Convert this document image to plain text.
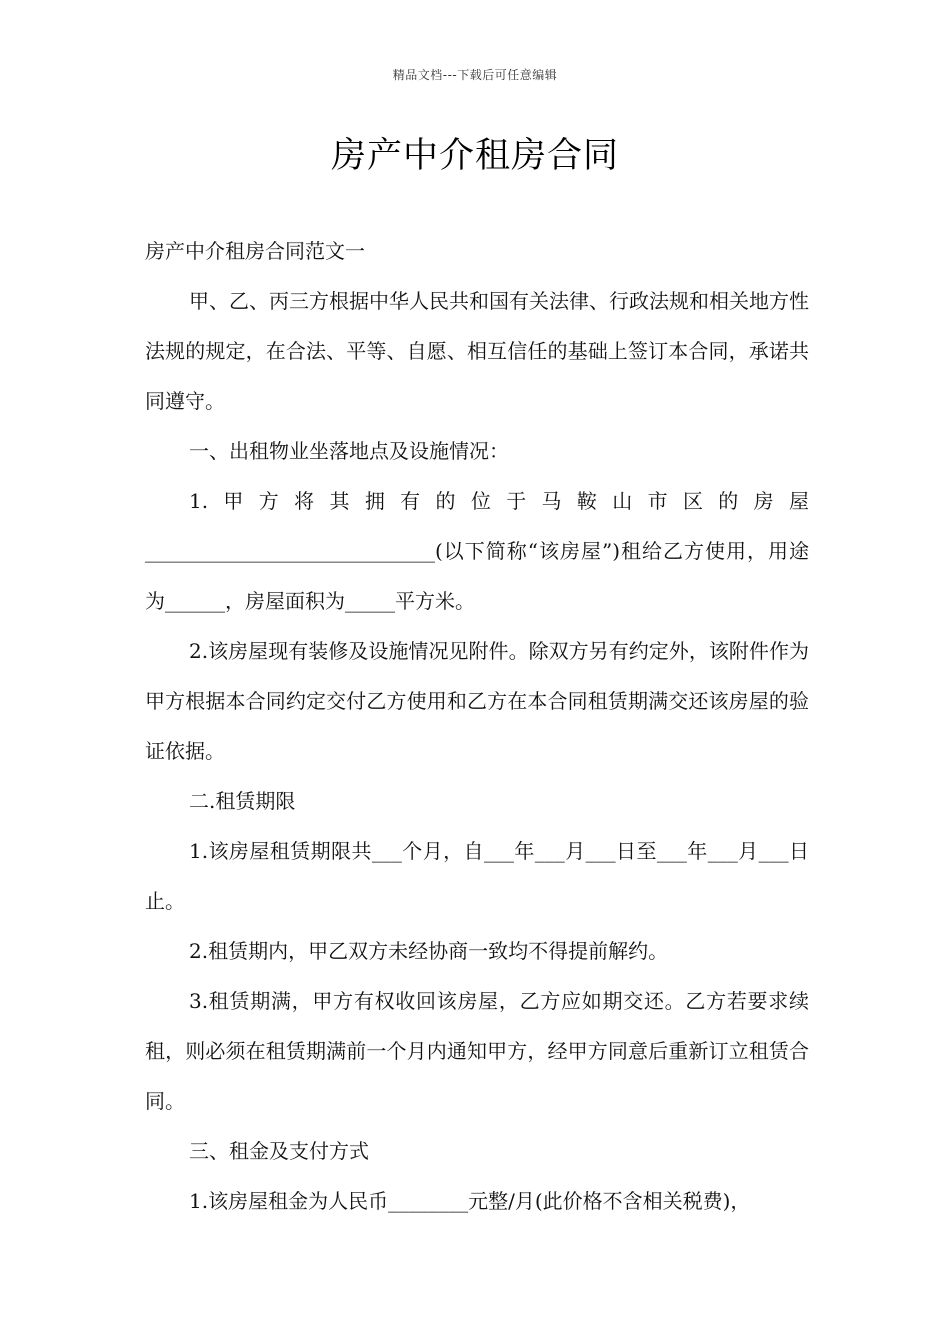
精品文档---下载后可任意编辑
房产中介租房合同

房产中介租房合同范文一

甲、乙、丙三方根据中华人民共和国有关法律、行政法规和相关地方性法规的规定，在合法、平等、自愿、相互信任的基础上签订本合同，承诺共同遵守。

一、出租物业坐落地点及设施情况：

1.甲方将其拥有的位于马鞍山市区的房屋_____________________________(以下简称“该房屋”)租给乙方使用，用途为______，房屋面积为_____平方米。

2.该房屋现有装修及设施情况见附件。除双方另有约定外，该附件作为甲方根据本合同约定交付乙方使用和乙方在本合同租赁期满交还该房屋的验证依据。

二.租赁期限

1.该房屋租赁期限共___个月，自___年___月___日至___年___月___日止。

2.租赁期内，甲乙双方未经协商一致均不得提前解约。

3.租赁期满，甲方有权收回该房屋，乙方应如期交还。乙方若要求续租，则必须在租赁期满前一个月内通知甲方，经甲方同意后重新订立租赁合同。

三、租金及支付方式

1.该房屋租金为人民币________元整/月(此价格不含相关税费)，
